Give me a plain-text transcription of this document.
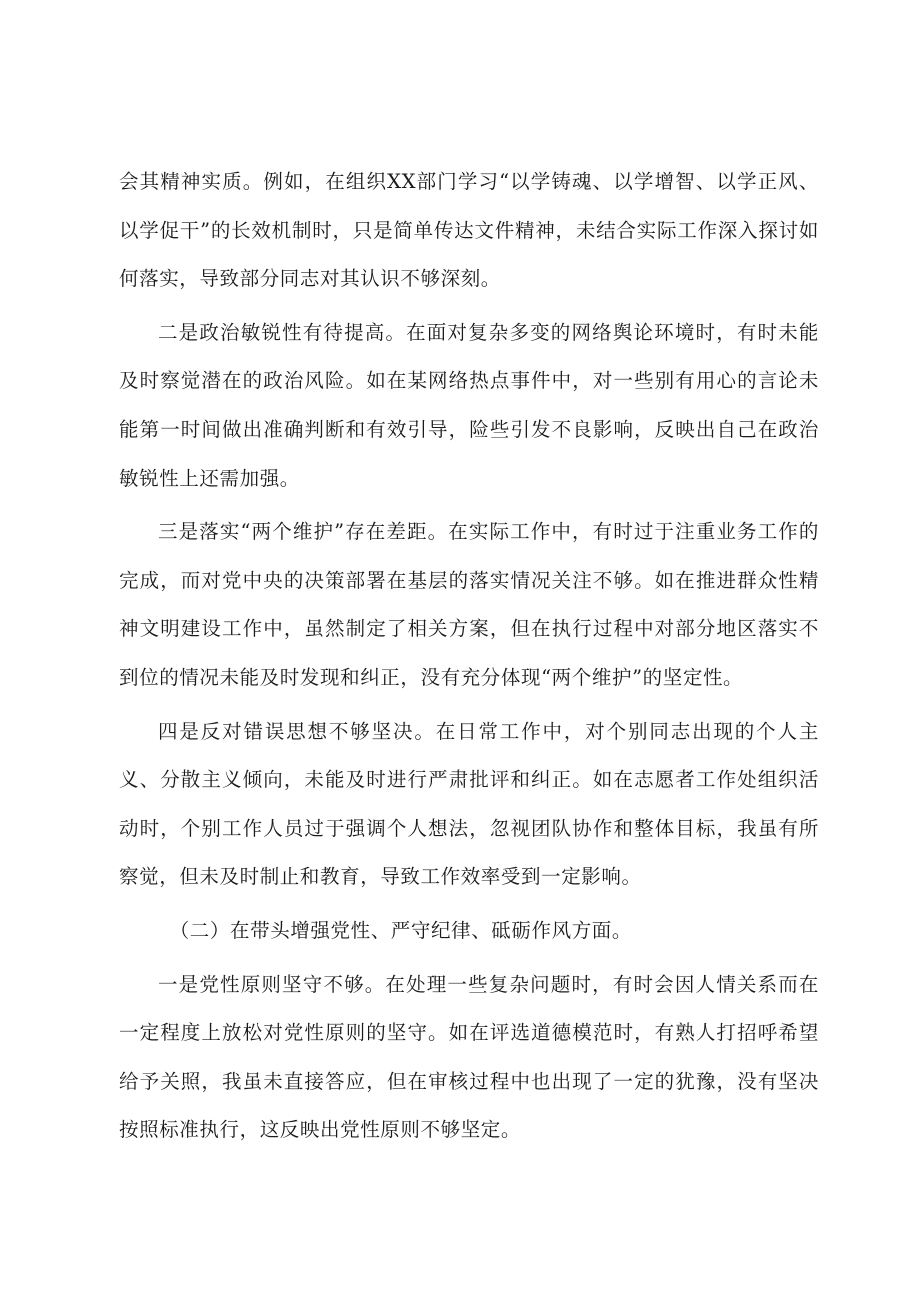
会其精神实质。例如，在组织XX部门学习“以学铸魂、以学增智、以学正风、以学促干”的长效机制时，只是简单传达文件精神，未结合实际工作深入探讨如何落实，导致部分同志对其认识不够深刻。

二是政治敏锐性有待提高。在面对复杂多变的网络舆论环境时，有时未能及时察觉潜在的政治风险。如在某网络热点事件中，对一些别有用心的言论未能第一时间做出准确判断和有效引导，险些引发不良影响，反映出自己在政治敏锐性上还需加强。

三是落实“两个维护”存在差距。在实际工作中，有时过于注重业务工作的完成，而对党中央的决策部署在基层的落实情况关注不够。如在推进群众性精神文明建设工作中，虽然制定了相关方案，但在执行过程中对部分地区落实不到位的情况未能及时发现和纠正，没有充分体现“两个维护”的坚定性。

四是反对错误思想不够坚决。在日常工作中，对个别同志出现的个人主义、分散主义倾向，未能及时进行严肃批评和纠正。如在志愿者工作处组织活动时，个别工作人员过于强调个人想法，忽视团队协作和整体目标，我虽有所察觉，但未及时制止和教育，导致工作效率受到一定影响。

（二）在带头增强党性、严守纪律、砥砺作风方面。

一是党性原则坚守不够。在处理一些复杂问题时，有时会因人情关系而在一定程度上放松对党性原则的坚守。如在评选道德模范时，有熟人打招呼希望给予关照，我虽未直接答应，但在审核过程中也出现了一定的犹豫，没有坚决按照标准执行，这反映出党性原则不够坚定。
